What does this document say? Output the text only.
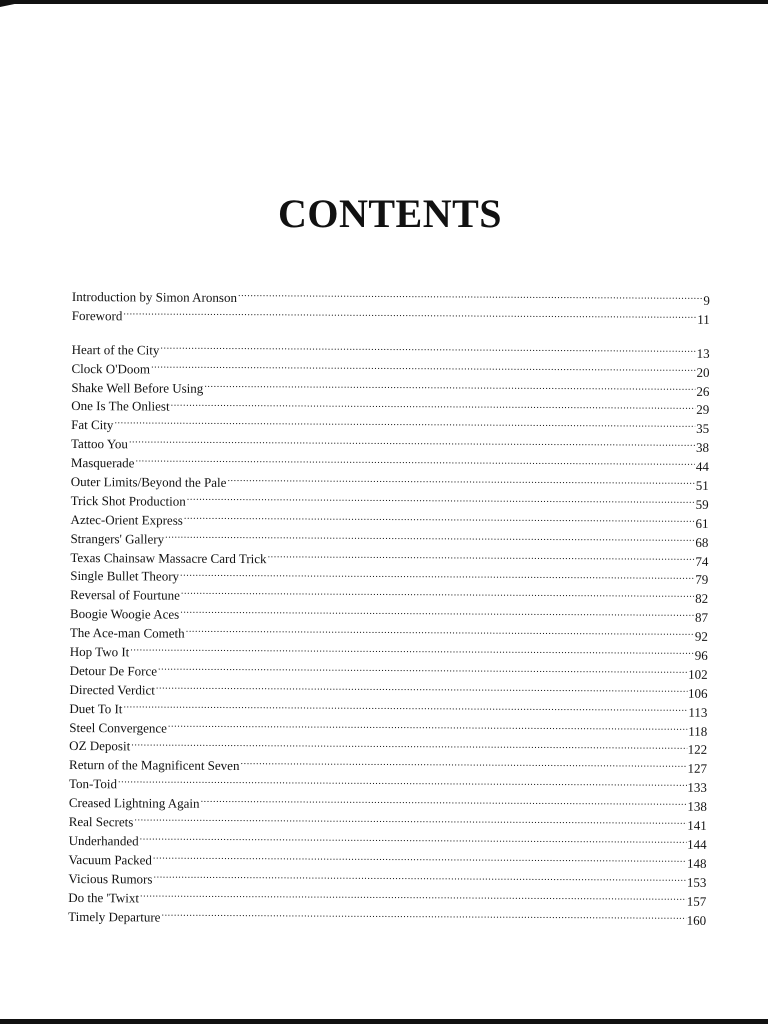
CONTENTS
Introduction by Simon Aronson .....	9
Foreword .....	11
Heart of the City .....	13
Clock O'Doom .....	20
Shake Well Before Using .....	26
One Is The Onliest .....	29
Fat City .....	35
Tattoo You .....	38
Masquerade .....	44
Outer Limits/Beyond the Pale .....	51
Trick Shot Production .....	59
Aztec-Orient Express .....	61
Strangers' Gallery .....	68
Texas Chainsaw Massacre Card Trick .....	74
Single Bullet Theory .....	79
Reversal of Fourtune .....	82
Boogie Woogie Aces .....	87
The Ace-man Cometh .....	92
Hop Two It .....	96
Detour De Force .....	102
Directed Verdict .....	106
Duet To It .....	113
Steel Convergence .....	118
OZ Deposit .....	122
Return of the Magnificent Seven .....	127
Ton-Toid .....	133
Creased Lightning Again .....	138
Real Secrets .....	141
Underhanded .....	144
Vacuum Packed .....	148
Vicious Rumors .....	153
Do the 'Twixt .....	157
Timely Departure .....	160
